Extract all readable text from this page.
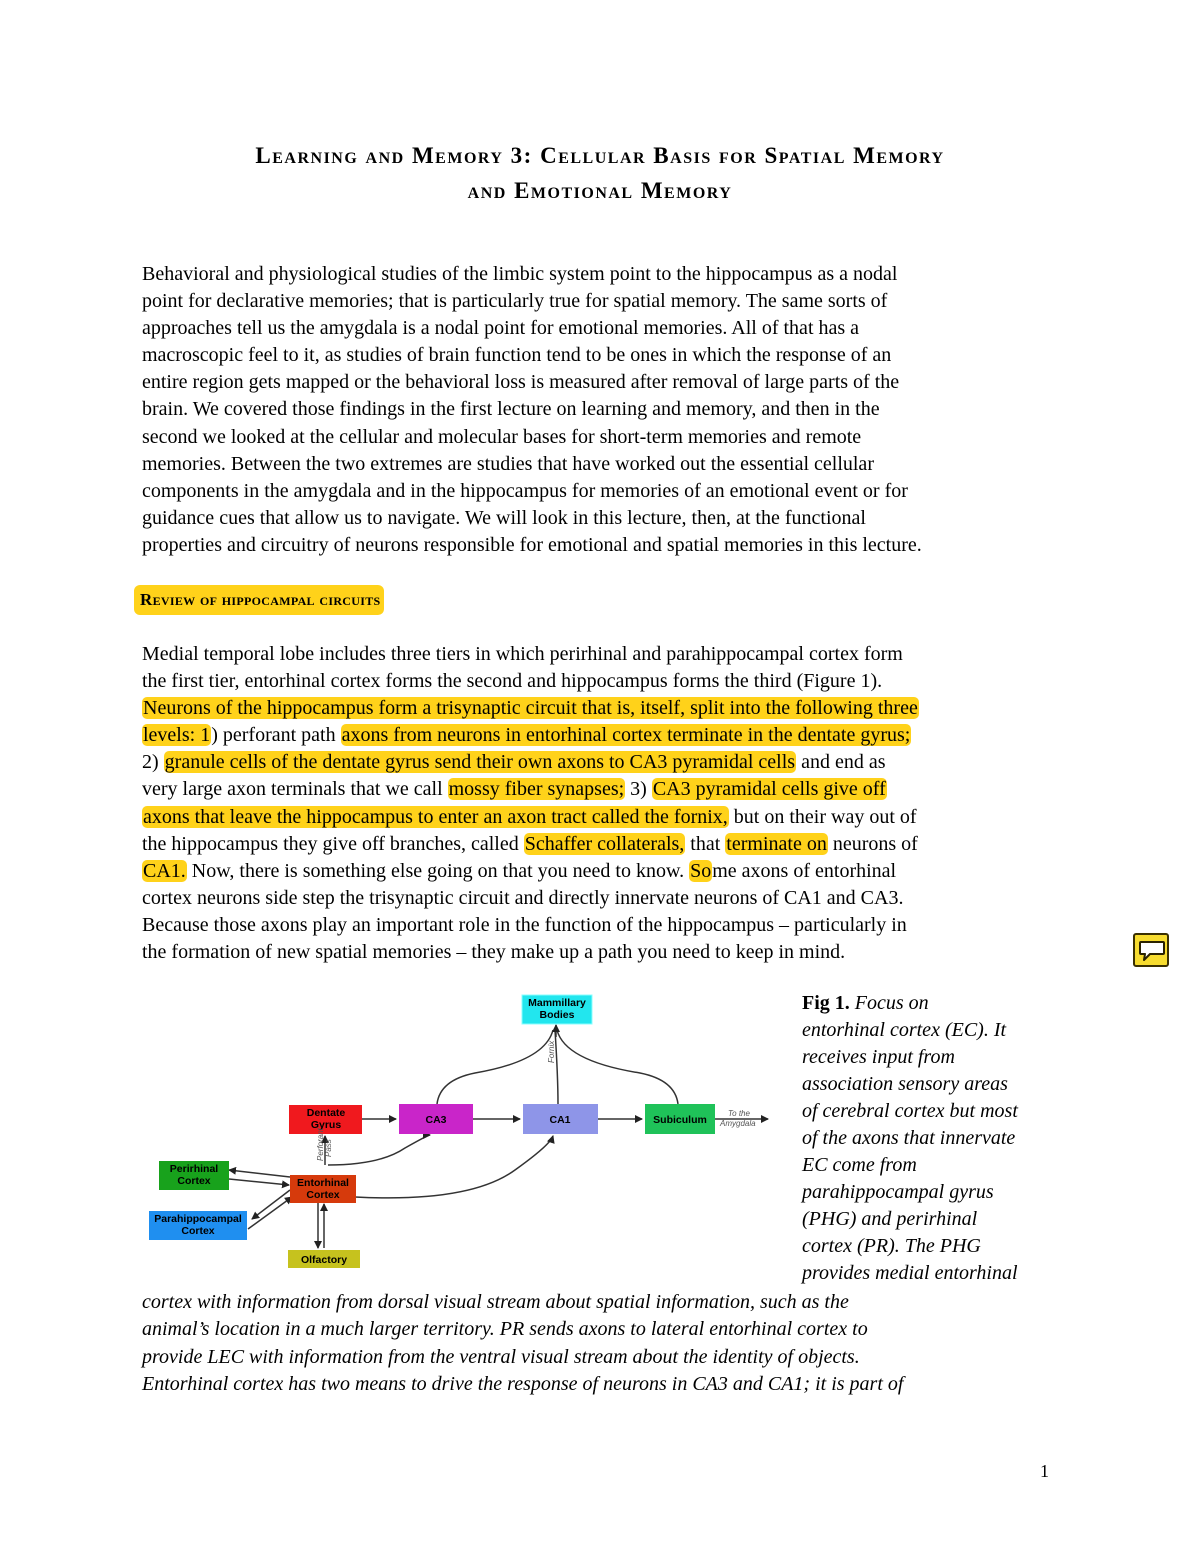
Learning and Memory 3: Cellular Basis for Spatial Memory
and Emotional Memory
Behavioral and physiological studies of the limbic system point to the hippocampus as a nodal
point for declarative memories; that is particularly true for spatial memory. The same sorts of
approaches tell us the amygdala is a nodal point for emotional memories. All of that has a
macroscopic feel to it, as studies of brain function tend to be ones in which the response of an
entire region gets mapped or the behavioral loss is measured after removal of large parts of the
brain. We covered those findings in the first lecture on learning and memory, and then in the
second we looked at the cellular and molecular bases for short-term memories and remote
memories. Between the two extremes are studies that have worked out the essential cellular
components in the amygdala and in the hippocampus for memories of an emotional event or for
guidance cues that allow us to navigate. We will look in this lecture, then, at the functional
properties and circuitry of neurons responsible for emotional and spatial memories in this lecture.
Review of hippocampal circuits
Medial temporal lobe includes three tiers in which perirhinal and parahippocampal cortex form
the first tier, entorhinal cortex forms the second and hippocampus forms the third (Figure 1).
Neurons of the hippocampus form a trisynaptic circuit that is, itself, split into the following three
levels: 1) perforant path axons from neurons in entorhinal cortex terminate in the dentate gyrus;
2) granule cells of the dentate gyrus send their own axons to CA3 pyramidal cells and end as
very large axon terminals that we call mossy fiber synapses; 3) CA3 pyramidal cells give off
axons that leave the hippocampus to enter an axon tract called the fornix, but on their way out of
the hippocampus they give off branches, called Schaffer collaterals, that terminate on neurons of
CA1. Now, there is something else going on that you need to know. Some axons of entorhinal
cortex neurons side step the trisynaptic circuit and directly innervate neurons of CA1 and CA3.
Because those axons play an important role in the function of the hippocampus – particularly in
the formation of new spatial memories – they make up a path you need to keep in mind.
Mammillary
Bodies
Dentate
Gyrus	CA3	CA1	Subiculum
Perirhinal
Cortex	Entorhinal
Cortex
Parahippocampal
Cortex
Olfactory
Fornix
Perforant Pass
To the
Amygdala
Fig 1. Focus on
entorhinal cortex (EC). It
receives input from
association sensory areas
of cerebral cortex but most
of the axons that innervate
EC come from
parahippocampal gyrus
(PHG) and perirhinal
cortex (PR). The PHG
provides medial entorhinal
cortex with information from dorsal visual stream about spatial information, such as the
animal’s location in a much larger territory. PR sends axons to lateral entorhinal cortex to
provide LEC with information from the ventral visual stream about the identity of objects.
Entorhinal cortex has two means to drive the response of neurons in CA3 and CA1; it is part of
1
